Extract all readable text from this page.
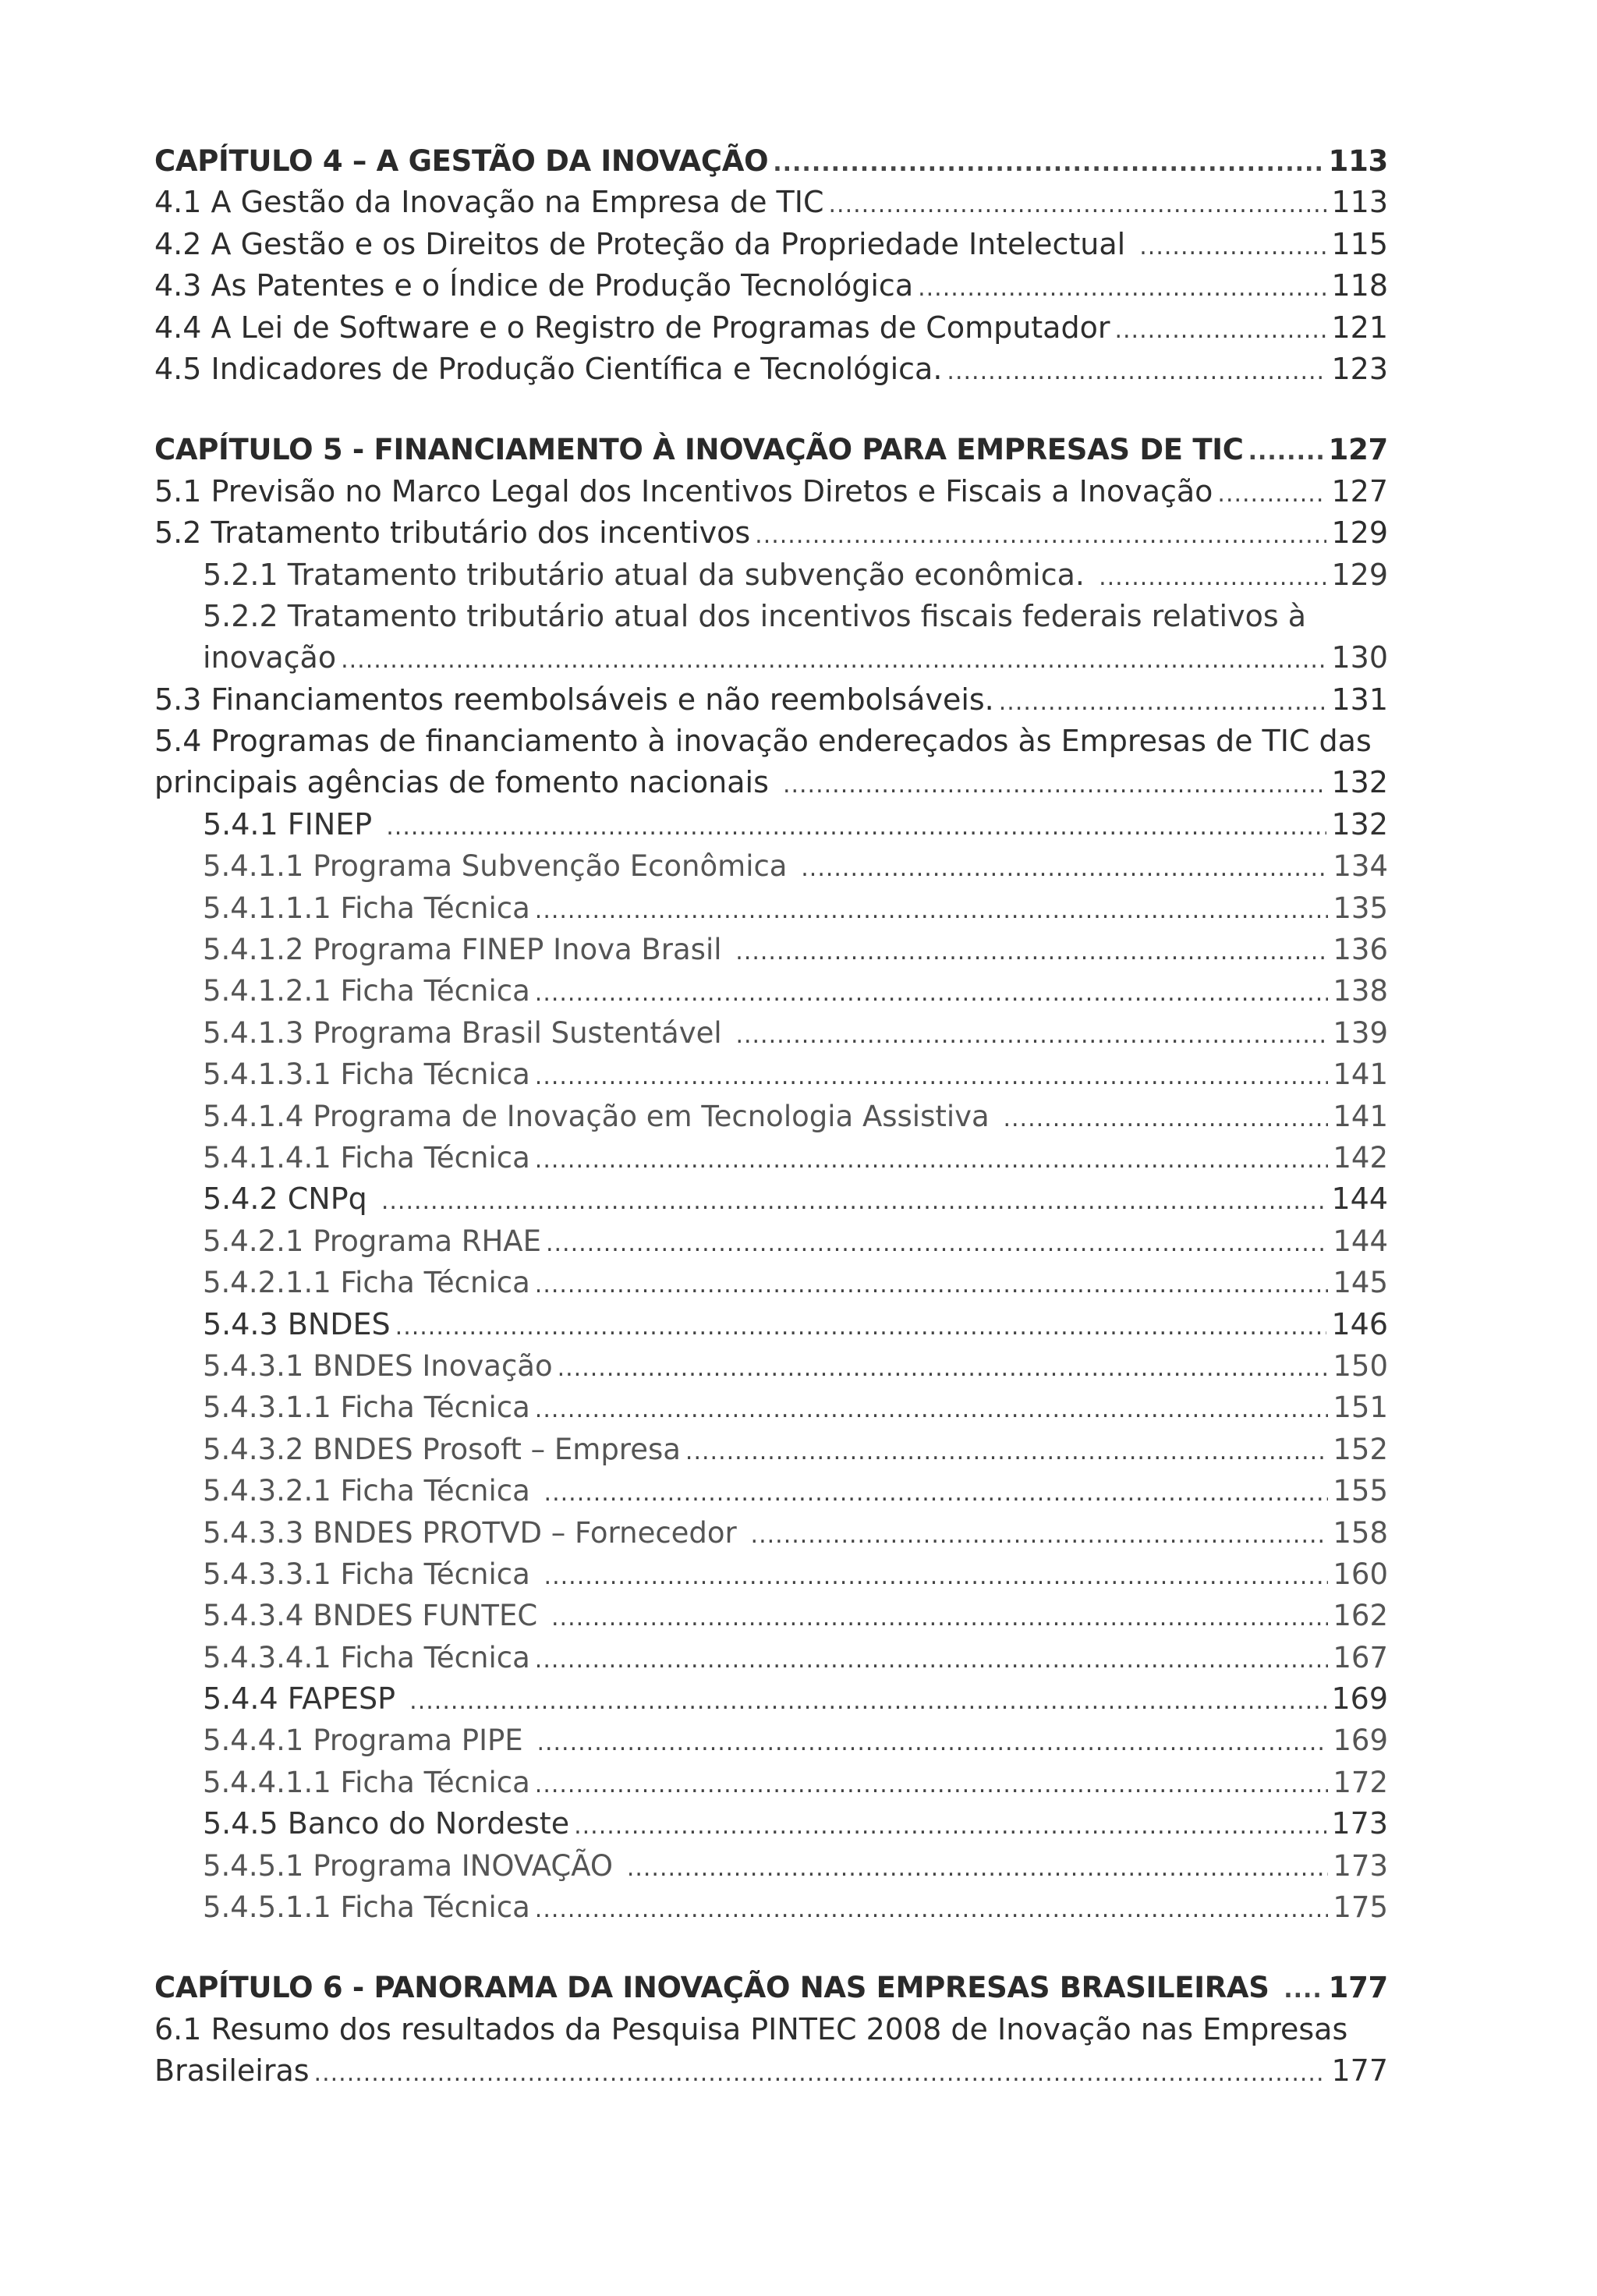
CAPÍTULO 4 – A GESTÃO DA INOVAÇÃO .....	113
4.1 A Gestão da Inovação na Empresa de TIC .....	113
4.2 A Gestão e os Direitos de Proteção da Propriedade Intelectual .....	115
4.3 As Patentes e o Índice de Produção Tecnológica .....	118
4.4 A Lei de Software e o Registro de Programas de Computador .....	121
4.5 Indicadores de Produção Científica e Tecnológica. .....	123
CAPÍTULO 5 - FINANCIAMENTO À INOVAÇÃO PARA EMPRESAS DE TIC .....	127
5.1 Previsão no Marco Legal dos Incentivos Diretos e Fiscais a Inovação .....	127
5.2 Tratamento tributário dos incentivos .....	129
5.2.1 Tratamento tributário atual da subvenção econômica. .....	129
5.2.2 Tratamento tributário atual dos incentivos fiscais federais relativos à
inovação .....	130
5.3 Financiamentos reembolsáveis e não reembolsáveis. .....	131
5.4 Programas de financiamento à inovação endereçados às Empresas de TIC das
principais agências de fomento nacionais .....	132
5.4.1 FINEP .....	132
5.4.1.1 Programa Subvenção Econômica .....	134
5.4.1.1.1 Ficha Técnica .....	135
5.4.1.2 Programa FINEP Inova Brasil .....	136
5.4.1.2.1 Ficha Técnica .....	138
5.4.1.3 Programa Brasil Sustentável .....	139
5.4.1.3.1 Ficha Técnica .....	141
5.4.1.4 Programa de Inovação em Tecnologia Assistiva .....	141
5.4.1.4.1 Ficha Técnica .....	142
5.4.2 CNPq .....	144
5.4.2.1 Programa RHAE .....	144
5.4.2.1.1 Ficha Técnica .....	145
5.4.3 BNDES .....	146
5.4.3.1 BNDES Inovação .....	150
5.4.3.1.1 Ficha Técnica .....	151
5.4.3.2 BNDES Prosoft – Empresa .....	152
5.4.3.2.1 Ficha Técnica .....	155
5.4.3.3 BNDES PROTVD – Fornecedor .....	158
5.4.3.3.1 Ficha Técnica .....	160
5.4.3.4 BNDES FUNTEC .....	162
5.4.3.4.1 Ficha Técnica .....	167
5.4.4 FAPESP .....	169
5.4.4.1 Programa PIPE .....	169
5.4.4.1.1 Ficha Técnica .....	172
5.4.5 Banco do Nordeste .....	173
5.4.5.1 Programa INOVAÇÃO .....	173
5.4.5.1.1 Ficha Técnica .....	175
CAPÍTULO 6 - PANORAMA DA INOVAÇÃO NAS EMPRESAS BRASILEIRAS ..... 177
6.1 Resumo dos resultados da Pesquisa PINTEC 2008 de Inovação nas Empresas
Brasileiras .....	177
